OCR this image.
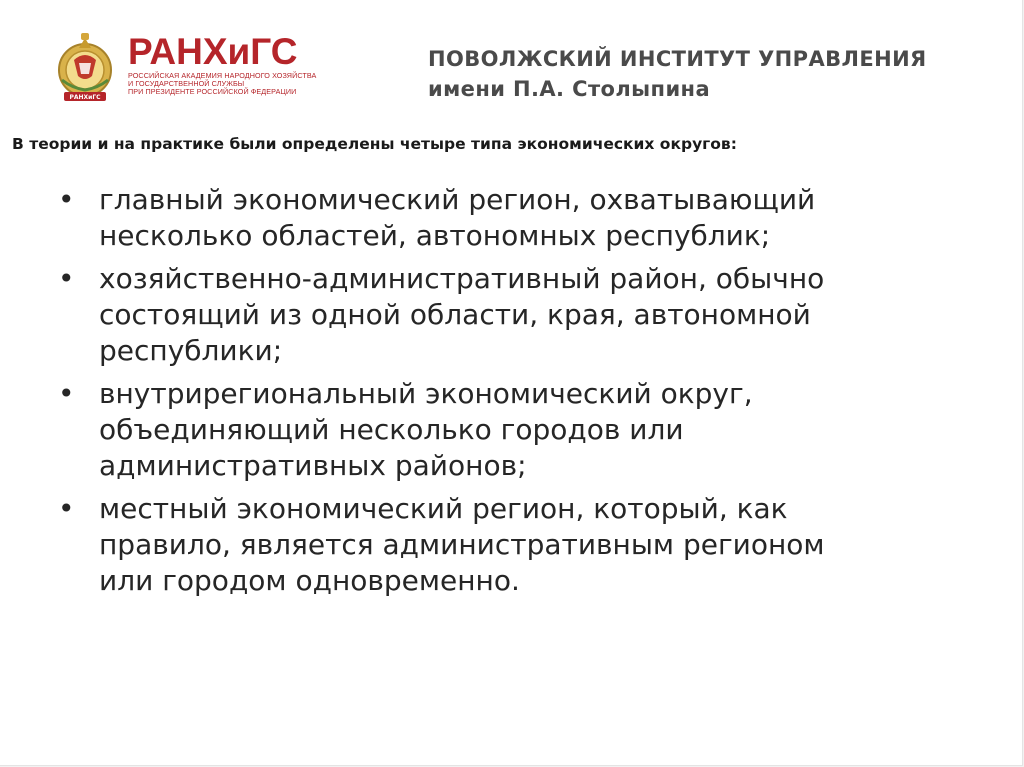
РАНХиГС
РАНХиГС
РОССИЙСКАЯ АКАДЕМИЯ НАРОДНОГО ХОЗЯЙСТВА
И ГОСУДАРСТВЕННОЙ СЛУЖБЫ
ПРИ ПРЕЗИДЕНТЕ РОССИЙСКОЙ ФЕДЕРАЦИИ
ПОВОЛЖСКИЙ ИНСТИТУТ УПРАВЛЕНИЯ
имени П.А. Столыпина
В теории и на практике были определены четыре типа экономических округов:
• главный экономический регион, охватывающий
несколько областей, автономных республик;
• хозяйственно-административный район, обычно
состоящий из одной области, края, автономной
республики;
• внутрирегиональный экономический округ,
объединяющий несколько городов или
административных районов;
• местный экономический регион, который, как
правило, является административным регионом
или городом одновременно.
